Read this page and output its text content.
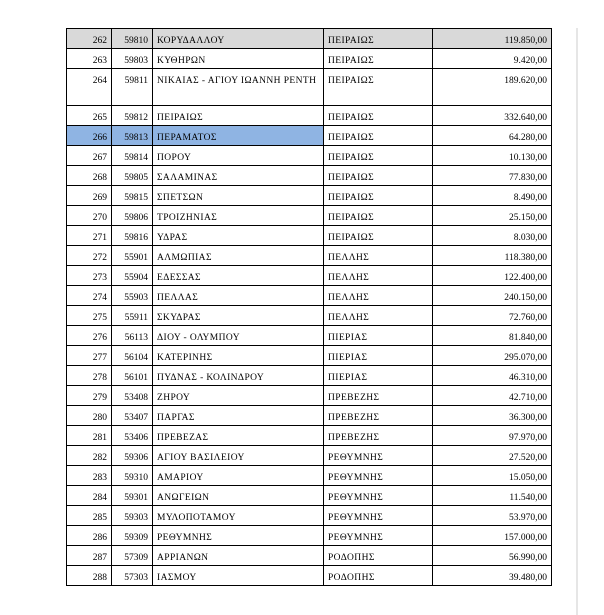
262	59810	ΚΟΡΥΔΑΛΛΟΥ	ΠΕΙΡΑΙΩΣ	119.850,00
263	59803	ΚΥΘΗΡΩΝ	ΠΕΙΡΑΙΩΣ	9.420,00
264	59811	ΝΙΚΑΙΑΣ - ΑΓΙΟΥ ΙΩΑΝΝΗ ΡΕΝΤΗ	ΠΕΙΡΑΙΩΣ	189.620,00
265	59812	ΠΕΙΡΑΙΩΣ	ΠΕΙΡΑΙΩΣ	332.640,00
266	59813	ΠΕΡΑΜΑΤΟΣ	ΠΕΙΡΑΙΩΣ	64.280,00
267	59814	ΠΟΡΟΥ	ΠΕΙΡΑΙΩΣ	10.130,00
268	59805	ΣΑΛΑΜΙΝΑΣ	ΠΕΙΡΑΙΩΣ	77.830,00
269	59815	ΣΠΕΤΣΩΝ	ΠΕΙΡΑΙΩΣ	8.490,00
270	59806	ΤΡΟΙΖΗΝΙΑΣ	ΠΕΙΡΑΙΩΣ	25.150,00
271	59816	ΥΔΡΑΣ	ΠΕΙΡΑΙΩΣ	8.030,00
272	55901	ΑΛΜΩΠΙΑΣ	ΠΕΛΛΗΣ	118.380,00
273	55904	ΕΔΕΣΣΑΣ	ΠΕΛΛΗΣ	122.400,00
274	55903	ΠΕΛΛΑΣ	ΠΕΛΛΗΣ	240.150,00
275	55911	ΣΚΥΔΡΑΣ	ΠΕΛΛΗΣ	72.760,00
276	56113	ΔΙΟΥ - ΟΛΥΜΠΟΥ	ΠΙΕΡΙΑΣ	81.840,00
277	56104	ΚΑΤΕΡΙΝΗΣ	ΠΙΕΡΙΑΣ	295.070,00
278	56101	ΠΥΔΝΑΣ - ΚΟΛΙΝΔΡΟΥ	ΠΙΕΡΙΑΣ	46.310,00
279	53408	ΖΗΡΟΥ	ΠΡΕΒΕΖΗΣ	42.710,00
280	53407	ΠΑΡΓΑΣ	ΠΡΕΒΕΖΗΣ	36.300,00
281	53406	ΠΡΕΒΕΖΑΣ	ΠΡΕΒΕΖΗΣ	97.970,00
282	59306	ΑΓΙΟΥ ΒΑΣΙΛΕΙΟΥ	ΡΕΘΥΜΝΗΣ	27.520,00
283	59310	ΑΜΑΡΙΟΥ	ΡΕΘΥΜΝΗΣ	15.050,00
284	59301	ΑΝΩΓΕΙΩΝ	ΡΕΘΥΜΝΗΣ	11.540,00
285	59303	ΜΥΛΟΠΟΤΑΜΟΥ	ΡΕΘΥΜΝΗΣ	53.970,00
286	59309	ΡΕΘΥΜΝΗΣ	ΡΕΘΥΜΝΗΣ	157.000,00
287	57309	ΑΡΡΙΑΝΩΝ	ΡΟΔΟΠΗΣ	56.990,00
288	57303	ΙΑΣΜΟΥ	ΡΟΔΟΠΗΣ	39.480,00
